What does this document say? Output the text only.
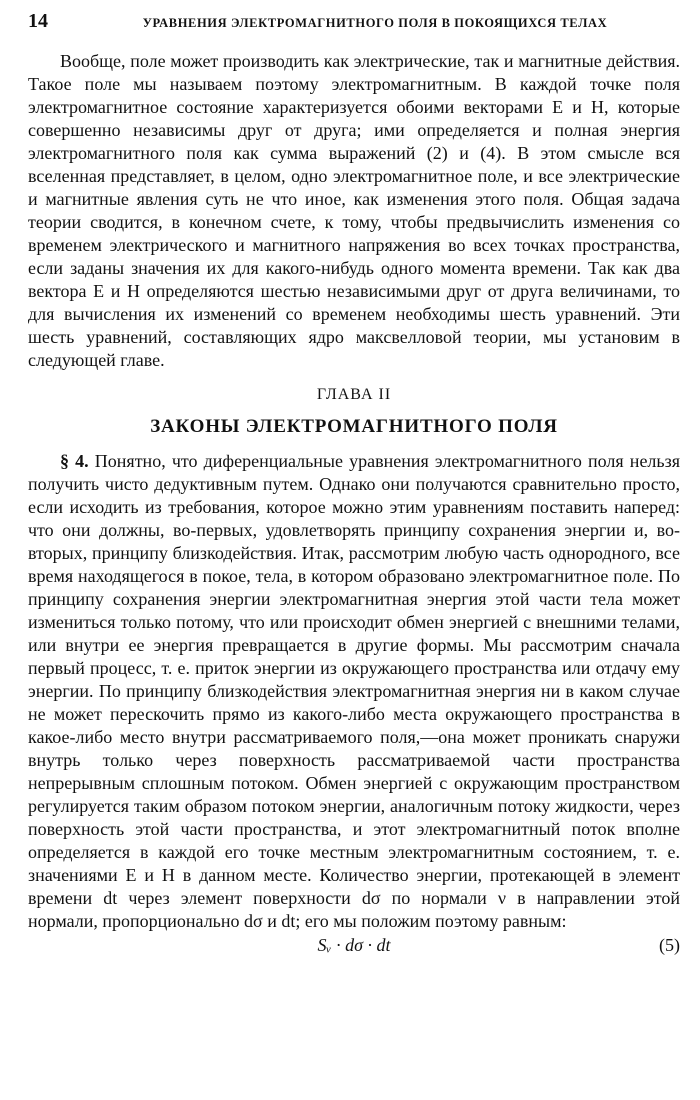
14	УРАВНЕНИЯ ЭЛЕКТРОМАГНИТНОГО ПОЛЯ В ПОКОЯЩИХСЯ ТЕЛАХ

Вообще, поле может производить как электрические, так и магнитные действия. Такое поле мы называем поэтому электромагнитным. В каждой точке поля электромагнитное состояние характеризуется обоими векторами E и H, которые совершенно независимы друг от друга; ими определяется и полная энергия электромагнитного поля как сумма выражений (2) и (4). В этом смысле вся вселенная представляет, в целом, одно электромагнитное поле, и все электрические и магнитные явления суть не что иное, как изменения этого поля. Общая задача теории сводится, в конечном счете, к тому, чтобы предвычислить изменения со временем электрического и магнитного напряжения во всех точках пространства, если заданы значения их для какого-нибудь одного момента времени. Так как два вектора E и H определяются шестью независимыми друг от друга величинами, то для вычисления их изменений со временем необходимы шесть уравнений. Эти шесть уравнений, составляющих ядро максвелловой теории, мы установим в следующей главе.

ГЛАВА II
ЗАКОНЫ ЭЛЕКТРОМАГНИТНОГО ПОЛЯ

§ 4. Понятно, что диференциальные уравнения электромагнитного поля нельзя получить чисто дедуктивным путем. Однако они получаются сравнительно просто, если исходить из требования, которое можно этим уравнениям поставить наперед: что они должны, во-первых, удовлетворять принципу сохранения энергии и, во-вторых, принципу близкодействия. Итак, рассмотрим любую часть однородного, все время находящегося в покое, тела, в котором образовано электромагнитное поле. По принципу сохранения энергии электромагнитная энергия этой части тела может измениться только потому, что или происходит обмен энергией с внешними телами, или внутри ее энергия превращается в другие формы. Мы рассмотрим сначала первый процесс, т. е. приток энергии из окружающего пространства или отдачу ему энергии. По принципу близкодействия электромагнитная энергия ни в каком случае не может перескочить прямо из какого-либо места окружающего пространства в какое-либо место внутри рассматриваемого поля,—она может проникать снаружи внутрь только через поверхность рассматриваемой части пространства непрерывным сплошным потоком. Обмен энергией с окружающим пространством регулируется таким образом потоком энергии, аналогичным потоку жидкости, через поверхность этой части пространства, и этот электромагнитный поток вполне определяется в каждой его точке местным электромагнитным состоянием, т. е. значениями E и H в данном месте. Количество энергии, протекающей в элемент времени dt через элемент поверхности dσ по нормали ν в направлении этой нормали, пропорционально dσ и dt; его мы положим поэтому равным:

Sᵥ · dσ · dt	(5)
